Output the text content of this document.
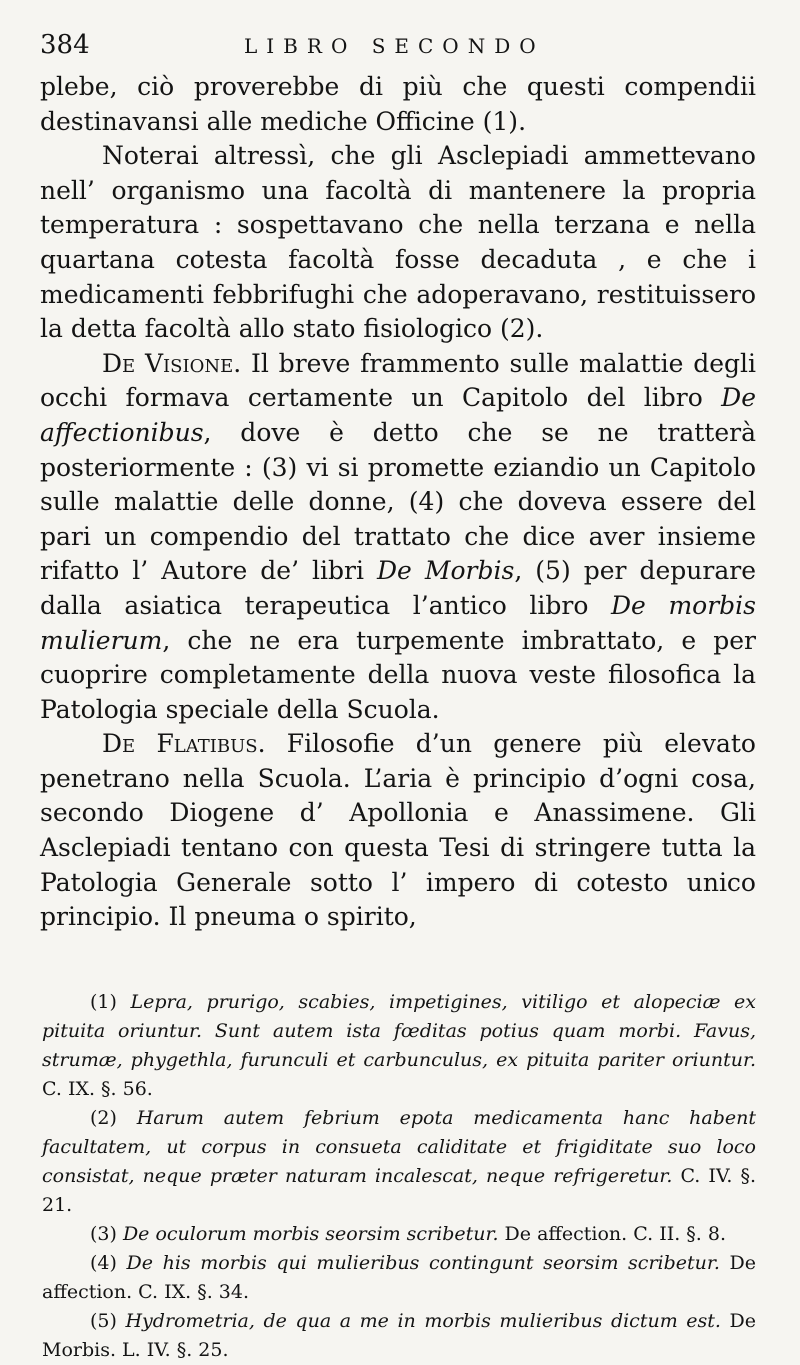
384	LIBRO SECONDO

plebe, ciò proverebbe di più che questi compendii destinavansi alle mediche Officine (1).

Noterai altressì, che gli Asclepiadi ammettevano nell’ organismo una facoltà di mantenere la propria temperatura : sospettavano che nella terzana e nella quartana cotesta facoltà fosse decaduta , e che i medicamenti febbrifughi che adoperavano, restituissero la detta facoltà allo stato fisiologico (2).

De Visione. Il breve frammento sulle malattie degli occhi formava certamente un Capitolo del libro De affectionibus, dove è detto che se ne tratterà posteriormente : (3) vi si promette eziandio un Capitolo sulle malattie delle donne, (4) che doveva essere del pari un compendio del trattato che dice aver insieme rifatto l’ Autore de’ libri De Morbis, (5) per depurare dalla asiatica terapeutica l’antico libro De morbis mulierum, che ne era turpemente imbrattato, e per cuoprire completamente della nuova veste filosofica la Patologia speciale della Scuola.

De Flatibus. Filosofie d’un genere più elevato penetrano nella Scuola. L’aria è principio d’ogni cosa, secondo Diogene d’ Apollonia e Anassimene. Gli Asclepiadi tentano con questa Tesi di stringere tutta la Patologia Generale sotto l’ impero di cotesto unico principio. Il pneuma o spirito,

(1) Lepra, prurigo, scabies, impetigines, vitiligo et alopeciæ ex pituita oriuntur. Sunt autem ista fœditas potius quam morbi. Favus, strumæ, phygethla, furunculi et carbunculus, ex pituita pariter oriuntur. C. IX. §. 56.

(2) Harum autem febrium epota medicamenta hanc habent facultatem, ut corpus in consueta caliditate et frigiditate suo loco consistat, neque præter naturam incalescat, neque refrigeretur. C. IV. §. 21.

(3) De oculorum morbis seorsim scribetur. De affection. C. II. §. 8.

(4) De his morbis qui mulieribus contingunt seorsim scribetur. De affection. C. IX. §. 34.

(5) Hydrometria, de qua a me in morbis mulieribus dictum est. De Morbis. L. IV. §. 25.
